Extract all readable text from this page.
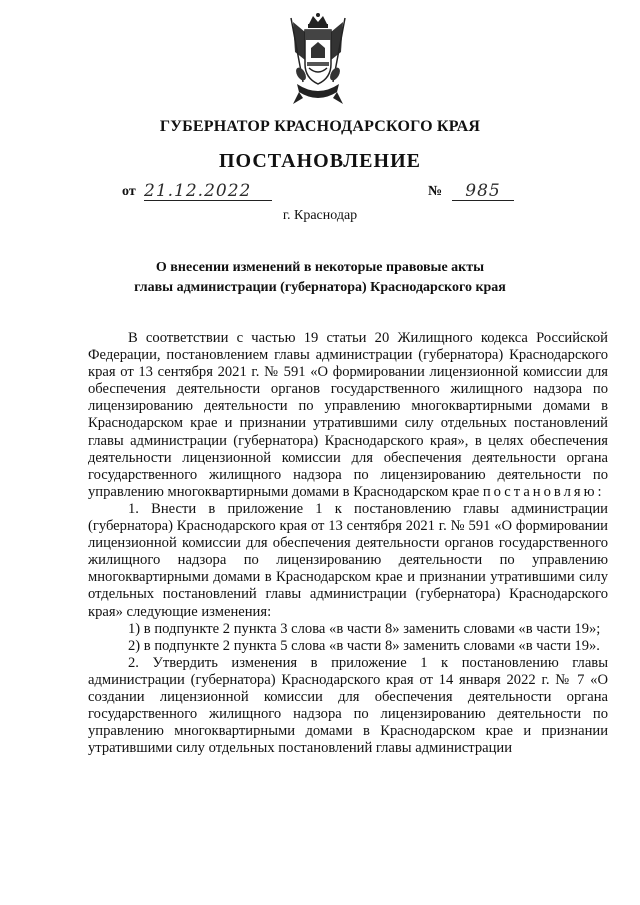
ГУБЕРНАТОР КРАСНОДАРСКОГО КРАЯ
ПОСТАНОВЛЕНИЕ
от 21.12.2022	№	985
г. Краснодар
О внесении изменений в некоторые правовые акты
главы администрации (губернатора) Краснодарского края

В соответствии с частью 19 статьи 20 Жилищного кодекса Российской Федерации, постановлением главы администрации (губернатора) Краснодарского края от 13 сентября 2021 г. № 591 «О формировании лицензионной комиссии для обеспечения деятельности органов государственного жилищного надзора по лицензированию деятельности по управлению многоквартирными домами в Краснодарском крае и признании утратившими силу отдельных постановлений главы администрации (губернатора) Краснодарского края», в целях обеспечения деятельности лицензионной комиссии для обеспечения деятельности органа государственного жилищного надзора по лицензированию деятельности по управлению многоквартирными домами в Краснодарском крае постановляю:

1. Внести в приложение 1 к постановлению главы администрации (губернатора) Краснодарского края от 13 сентября 2021 г. № 591 «О формировании лицензионной комиссии для обеспечения деятельности органов государственного жилищного надзора по лицензированию деятельности по управлению многоквартирными домами в Краснодарском крае и признании утратившими силу отдельных постановлений главы администрации (губернатора) Краснодарского края» следующие изменения:

1) в подпункте 2 пункта 3 слова «в части 8» заменить словами «в части 19»;

2) в подпункте 2 пункта 5 слова «в части 8» заменить словами «в части 19».

2. Утвердить изменения в приложение 1 к постановлению главы администрации (губернатора) Краснодарского края от 14 января 2022 г. № 7 «О создании лицензионной комиссии для обеспечения деятельности органа государственного жилищного надзора по лицензированию деятельности по управлению многоквартирными домами в Краснодарском крае и признании утратившими силу отдельных постановлений главы администрации
